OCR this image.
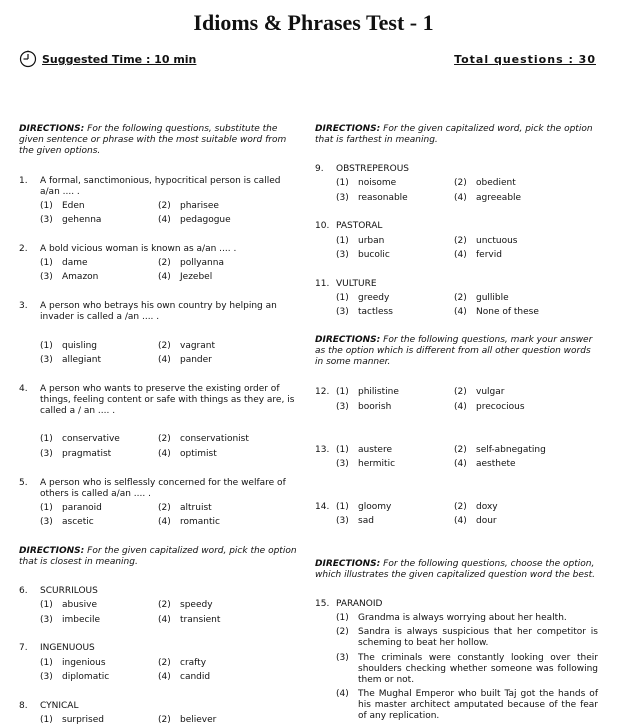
Idioms & Phrases Test - 1
Suggested Time : 10 min	Total questions : 30
DIRECTIONS: For the following questions, substitute the given sentence or phrase with the most suitable word from the given options.
1. A formal, sanctimonious, hypocritical person is called a/an .... .
(1) Eden	(2) pharisee
(3) gehenna	(4) pedagogue
2. A bold vicious woman is known as a/an .... .
(1) dame	(2) pollyanna
(3) Amazon	(4) Jezebel
3. A person who betrays his own country by helping an invader is called a /an .... .
(1) quisling	(2) vagrant
(3) allegiant	(4) pander
4. A person who wants to preserve the existing order of things, feeling content or safe with things as they are, is called a / an .... .
(1) conservative	(2) conservationist
(3) pragmatist	(4) optimist
5. A person who is selflessly concerned for the welfare of others is called a/an .... .
(1) paranoid	(2) altruist
(3) ascetic	(4) romantic
DIRECTIONS: For the given capitalized word, pick the option that is closest in meaning.
6. SCURRILOUS
(1) abusive	(2) speedy
(3) imbecile	(4) transient
7. INGENUOUS
(1) ingenious	(2) crafty
(3) diplomatic	(4) candid
8. CYNICAL
(1) surprised	(2) believer
DIRECTIONS: For the given capitalized word, pick the option that is farthest in meaning.
9. OBSTREPEROUS
(1) noisome	(2) obedient
(3) reasonable	(4) agreeable
10. PASTORAL
(1) urban	(2) unctuous
(3) bucolic	(4) fervid
11. VULTURE
(1) greedy	(2) gullible
(3) tactless	(4) None of these
DIRECTIONS: For the following questions, mark your answer as the option which is different from all other question words in some manner.
12. (1) philistine	(2) vulgar
(3) boorish	(4) precocious
13. (1) austere	(2) self-abnegating
(3) hermitic	(4) aesthete
14. (1) gloomy	(2) doxy
(3) sad	(4) dour
DIRECTIONS: For the following questions, choose the option, which illustrates the given capitalized question word the best.
15. PARANOID
(1)	Grandma is always worrying about her health.
(2)	Sandra is always suspicious that her competitor is scheming to beat her hollow.
(3)	The criminals were constantly looking over their shoulders checking whether someone was following them or not.
(4)	The Mughal Emperor who built Taj got the hands of his master architect amputated because of the fear of any replication.
